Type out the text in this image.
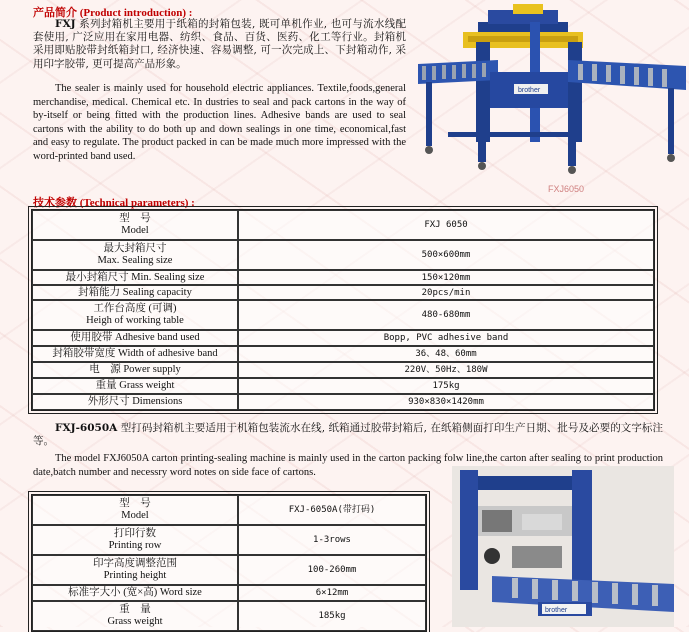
产品简介 (Product introduction) :
FXJ 系列封箱机主要用于纸箱的封箱包装, 既可单机作业, 也可与流水线配套使用, 广泛应用在家用电器、纺织、食品、百货、医药、化工等行业。封箱机采用即贴胶带封纸箱封口, 经济快速、容易调整, 可一次完成上、下封箱动作, 采用印字胶带, 更可提高产品形象。
The sealer is mainly used for household electric appliances. Textile,foods,general merchandise, medical. Chemical etc. In dustries to seal and pack cartons in the way of by-itself or being fitted with the production lines. Adhesive bands are used to seal cartons with the ability to do both up and down sealings in one time, economical,fast and easy to regulate. The product packed in can be made much more impressed with the word-printed band used.
brother
FXJ6050
技术参数 (Technical parameters) :
型　号
Model	FXJ 6050
最大封箱尺寸
Max. Sealing size	500×600mm
最小封箱尺寸 Min. Sealing size	150×120mm
封箱能力 Sealing capacity	20pcs/min
工作台高度 (可调)
Heigh of working table	480-680mm
使用胶带 Adhesive band used	Bopp, PVC adhesive band
封箱胶带宽度 Width of adhesive band	36、48、60mm
电　源 Power supply	220V、50Hz、180W
重量 Grass weight	175kg
外形尺寸 Dimensions	930×830×1420mm
FXJ-6050A 型打码封箱机主要适用于机箱包装流水在线, 纸箱通过胶带封箱后, 在纸箱侧面打印生产日期、批号及必要的文字标注等。
The model FXJ6050A carton printing-sealing machine is mainly used in the carton packing folw line,the carton after sealing to print production date,batch number and necessry word notes on side face of cartons.
型　号
Model	FXJ-6050A(带打码)
打印行数
Printing row	1-3rows
印字高度调整范围
Printing height	100-260mm
标准字大小 (宽×高) Word size	6×12mm
重　量
Grass weight	185kg
brother
